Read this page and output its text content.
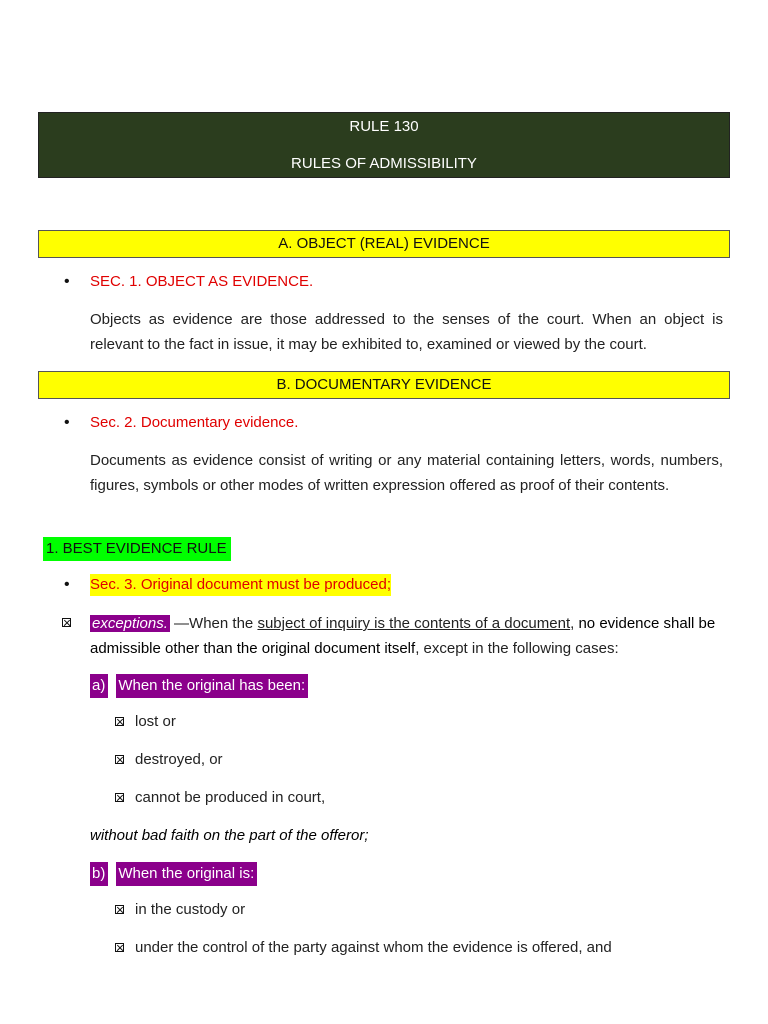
RULE 130
RULES OF ADMISSIBILITY
A. OBJECT (REAL) EVIDENCE
•	SEC. 1. OBJECT AS EVIDENCE.
Objects as evidence are those addressed to the senses of the court. When an object is relevant to the fact in issue, it may be exhibited to, examined or viewed by the court.
B. DOCUMENTARY EVIDENCE
•	Sec. 2. Documentary evidence.
Documents as evidence consist of writing or any material containing letters, words, numbers, figures, symbols or other modes of written expression offered as proof of their contents.
1. BEST EVIDENCE RULE
•	Sec. 3. Original document must be produced;
exceptions. —When the subject of inquiry is the contents of a document, no evidence shall be admissible other than the original document itself, except in the following cases:
a) When the original has been:
lost or
destroyed, or
cannot be produced in court,
without bad faith on the part of the offeror;
b) When the original is:
in the custody or
under the control of the party against whom the evidence is offered, and
